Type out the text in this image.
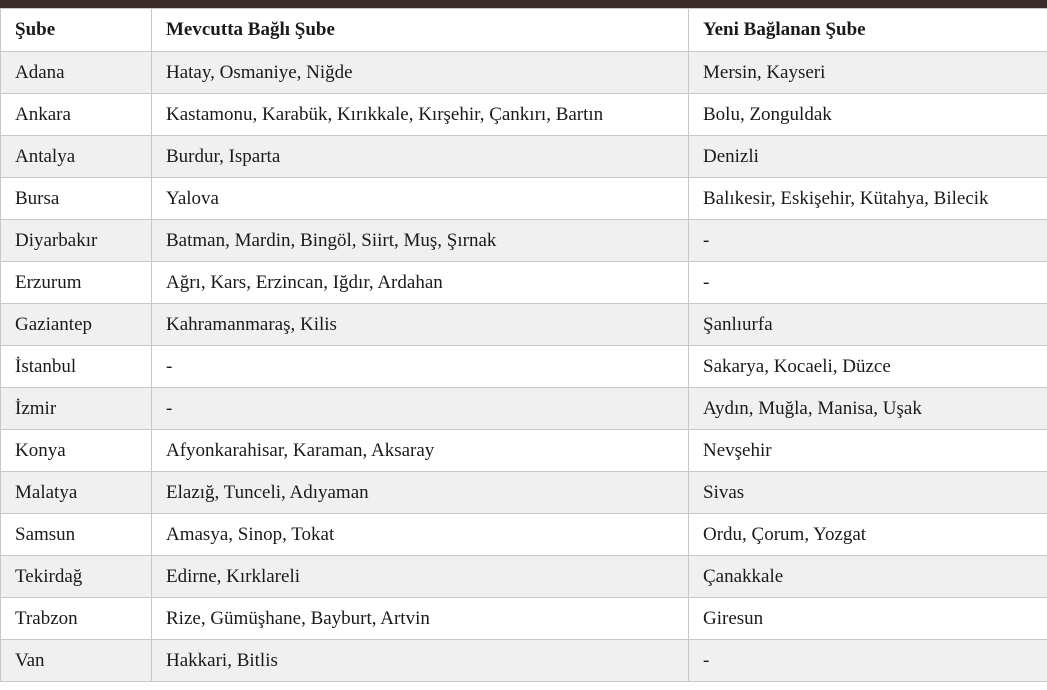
Şube	Mevcutta Bağlı Şube	Yeni Bağlanan Şube
Adana	Hatay, Osmaniye, Niğde	Mersin, Kayseri
Ankara	Kastamonu, Karabük, Kırıkkale, Kırşehir, Çankırı, Bartın	Bolu, Zonguldak
Antalya	Burdur, Isparta	Denizli
Bursa	Yalova	Balıkesir, Eskişehir, Kütahya, Bilecik
Diyarbakır	Batman, Mardin, Bingöl, Siirt, Muş, Şırnak	-
Erzurum	Ağrı, Kars, Erzincan, Iğdır, Ardahan	-
Gaziantep	Kahramanmaraş, Kilis	Şanlıurfa
İstanbul	-	Sakarya, Kocaeli, Düzce
İzmir	-	Aydın, Muğla, Manisa, Uşak
Konya	Afyonkarahisar, Karaman, Aksaray	Nevşehir
Malatya	Elazığ, Tunceli, Adıyaman	Sivas
Samsun	Amasya, Sinop, Tokat	Ordu, Çorum, Yozgat
Tekirdağ	Edirne, Kırklareli	Çanakkale
Trabzon	Rize, Gümüşhane, Bayburt, Artvin	Giresun
Van	Hakkari, Bitlis	-
